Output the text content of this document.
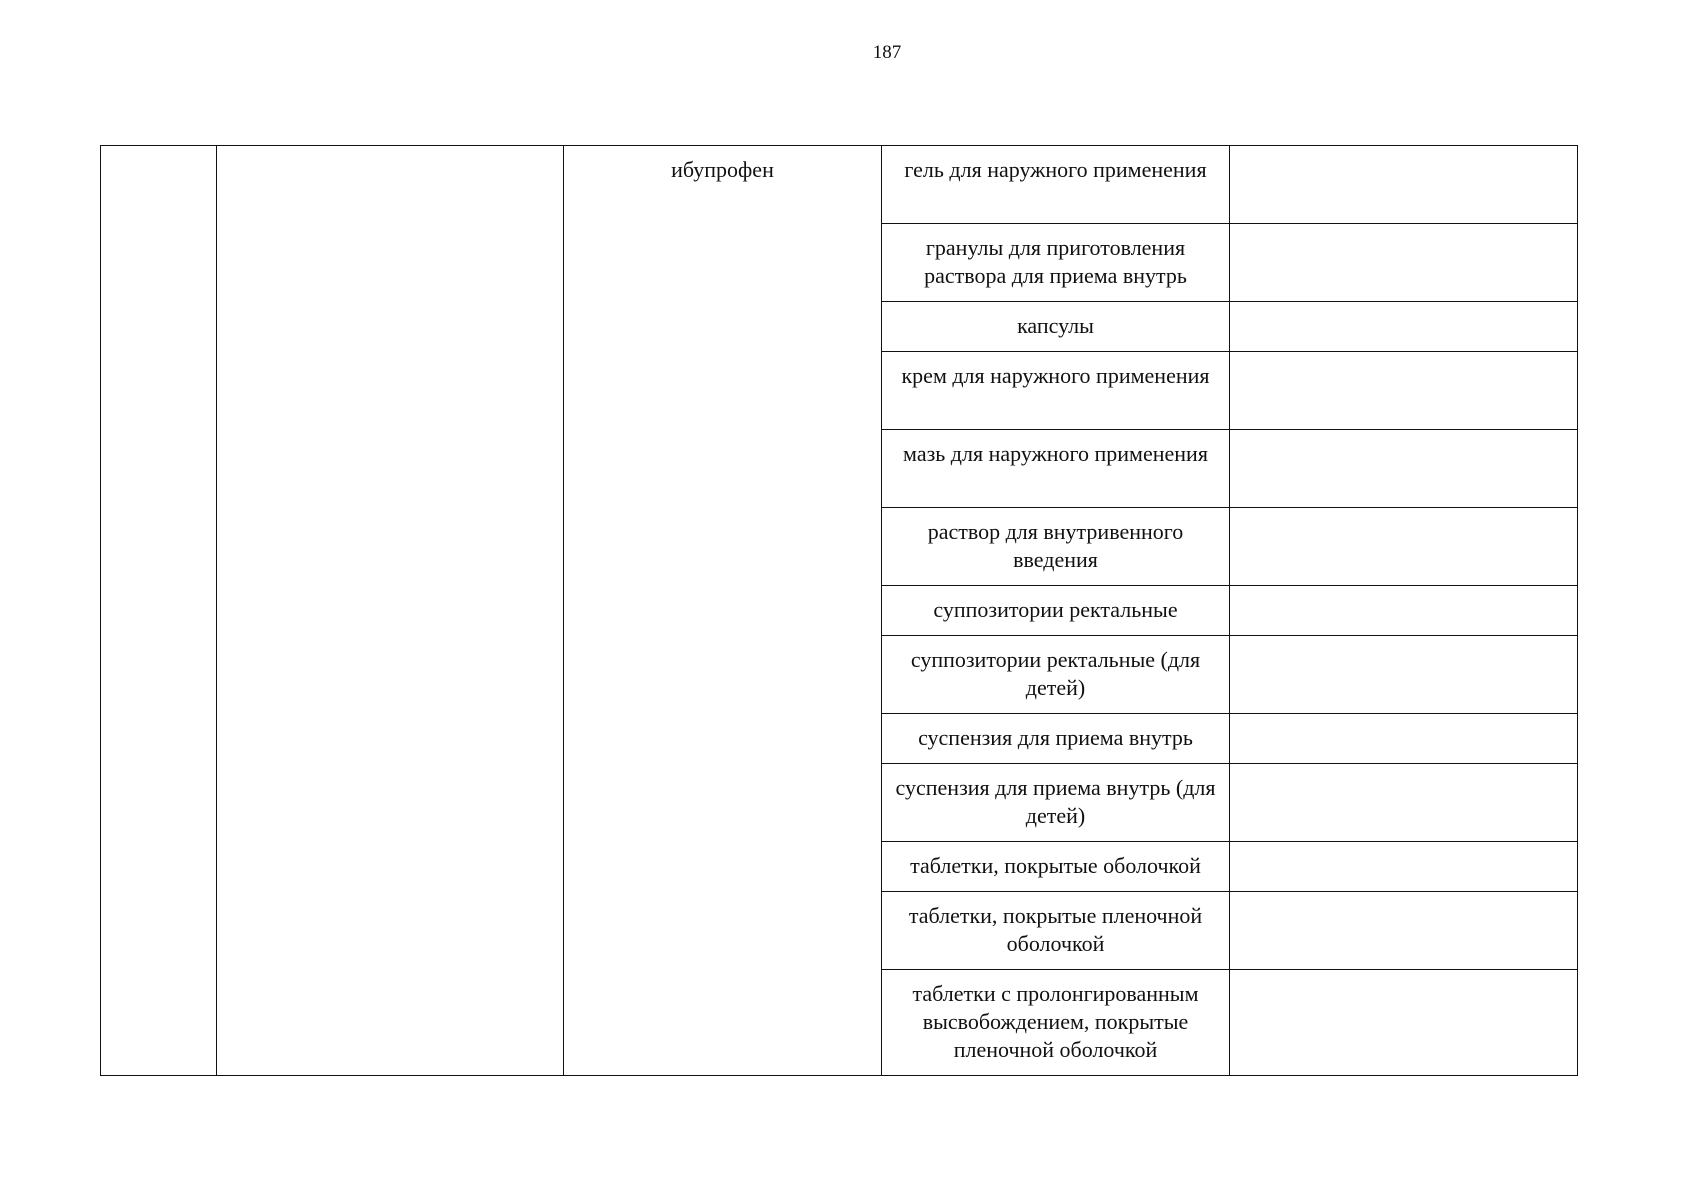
187
		ибупрофен	гель для наружного применения	
			гранулы для приготовления раствора для приема внутрь	
			капсулы	
			крем для наружного применения	
			мазь для наружного применения	
			раствор для внутривенного введения	
			суппозитории ректальные	
			суппозитории ректальные (для детей)	
			суспензия для приема внутрь	
			суспензия для приема внутрь (для детей)	
			таблетки, покрытые оболочкой	
			таблетки, покрытые пленочной оболочкой	
			таблетки с пролонгированным высвобождением, покрытые пленочной оболочкой	
